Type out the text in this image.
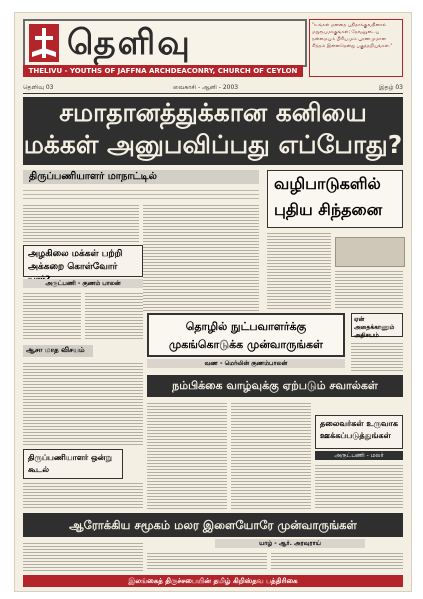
தெளிவு
THELIVU - YOUTHS OF JAFFNA ARCHDEACONRY, CHURCH OF CEYLON
"உங்கள் மனதை புதிதாக்குவதினால் மறுரூபமாகுங்கள்; தேவனுடைய நன்மையும் பிரியமும் பூரணமுமான சித்தம் இன்னதென்று பகுத்தறியுங்கள்."
தெளிவு 03	வைகாசி - ஆனி - 2003	இதழ் 03
சமாதானத்துக்கான கனியை
மக்கள் அனுபவிப்பது எப்போது?
திருப்பணியாளர் மாநாட்டில்	வழிபாடுகளில் புதிய சிந்தனை
அழகிலை மக்கள் பற்றி அக்கறை கொள்வோர்
அருட்பணி - குணம் பாலன்
ஆசா மாத விசயம்
தொழில் நுட்பவாளர்க்கு முகங்கொடுக்க முன்வாருங்கள்
வண - மெர்லின் குணம்பாலன்
ஏன் அதைக்காணும் அதிசயம்
நம்பிக்கை வாழ்வுக்கு ஏற்படும் சவால்கள்
தலைவர்கள் உருவாக ஊக்கப்படுத்துங்கள்
அருட்பணி - மலர்
திருப்பணியாளர் ஒன்று கூடல்
ஆரோக்கிய சமூகம் மலர இளையோரே முன்வாருங்கள்
யாழ் - ஆர். அரவுராய்
இலங்கைத் திருச்சபையின் தமிழ் கிறிஸ்தவ பத்திரிகை
